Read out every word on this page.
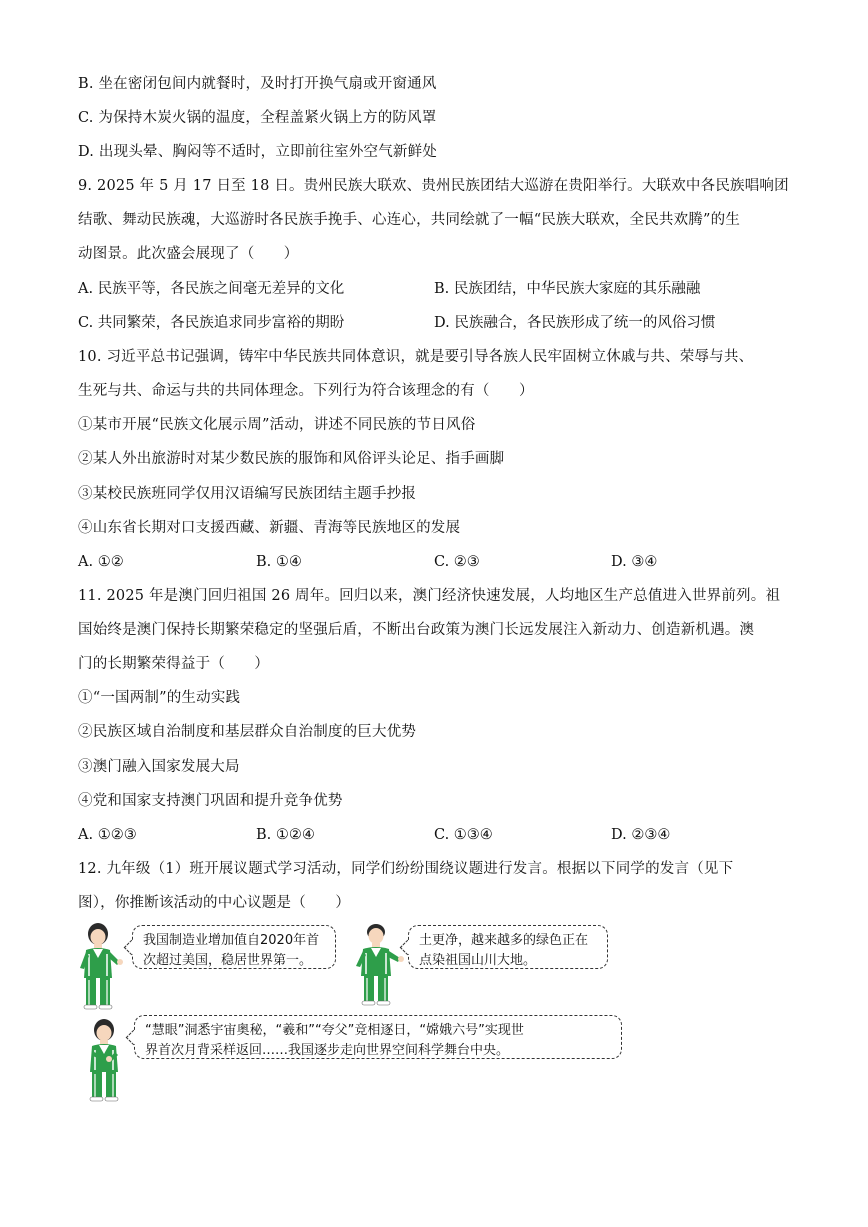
B. 坐在密闭包间内就餐时，及时打开换气扇或开窗通风
C. 为保持木炭火锅的温度，全程盖紧火锅上方的防风罩
D. 出现头晕、胸闷等不适时，立即前往室外空气新鲜处
9. 2025 年 5 月 17 日至 18 日。贵州民族大联欢、贵州民族团结大巡游在贵阳举行。大联欢中各民族唱响团
结歌、舞动民族魂，大巡游时各民族手挽手、心连心，共同绘就了一幅“民族大联欢，全民共欢腾”的生
动图景。此次盛会展现了（　　）
A. 民族平等，各民族之间毫无差异的文化	B. 民族团结，中华民族大家庭的其乐融融
C. 共同繁荣，各民族追求同步富裕的期盼	D. 民族融合，各民族形成了统一的风俗习惯
10. 习近平总书记强调，铸牢中华民族共同体意识，就是要引导各族人民牢固树立休戚与共、荣辱与共、
生死与共、命运与共的共同体理念。下列行为符合该理念的有（　　）
①某市开展“民族文化展示周”活动，讲述不同民族的节日风俗
②某人外出旅游时对某少数民族的服饰和风俗评头论足、指手画脚
③某校民族班同学仅用汉语编写民族团结主题手抄报
④山东省长期对口支援西藏、新疆、青海等民族地区的发展
A. ①②	B. ①④	C. ②③	D. ③④
11. 2025 年是澳门回归祖国 26 周年。回归以来，澳门经济快速发展，人均地区生产总值进入世界前列。祖
国始终是澳门保持长期繁荣稳定的坚强后盾，不断出台政策为澳门长远发展注入新动力、创造新机遇。澳
门的长期繁荣得益于（　　）
①“一国两制”的生动实践
②民族区域自治制度和基层群众自治制度的巨大优势
③澳门融入国家发展大局
④党和国家支持澳门巩固和提升竞争优势
A. ①②③	B. ①②④	C. ①③④	D. ②③④
12. 九年级（1）班开展议题式学习活动，同学们纷纷围绕议题进行发言。根据以下同学的发言（见下
图），你推断该活动的中心议题是（　　）
我国制造业增加值自2020年首
次超过美国，稳居世界第一。
土更净，越来越多的绿色正在
点染祖国山川大地。
“慧眼”洞悉宇宙奥秘，“羲和”“夸父”竞相逐日，“嫦娥六号”实现世
界首次月背采样返回……我国逐步走向世界空间科学舞台中央。
